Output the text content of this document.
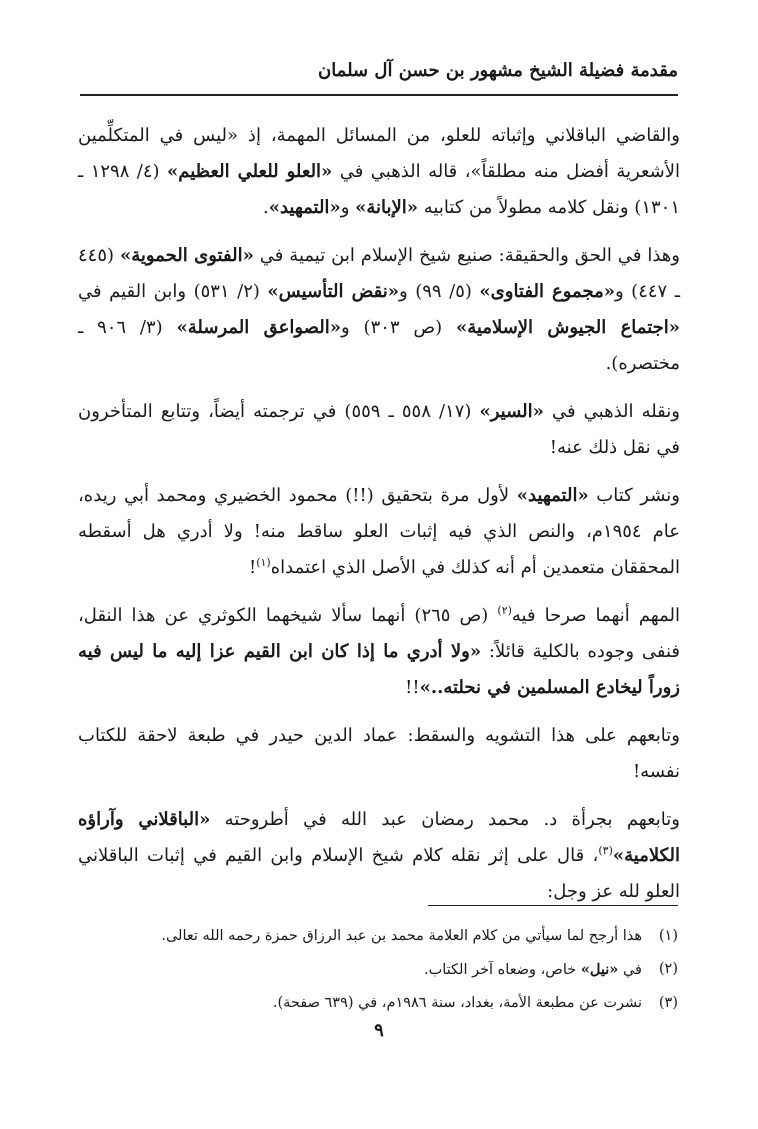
مقدمة فضيلة الشيخ مشهور بن حسن آل سلمان

والقاضي الباقلاني وإثباته للعلو، من المسائل المهمة، إذ «ليس في المتكلِّمين الأشعرية أفضل منه مطلقاً»، قاله الذهبي في «العلو للعلي العظيم» (٤/ ١٢٩٨ ـ ١٣٠١) ونقل كلامه مطولاً من كتابيه «الإبانة» و«التمهيد».

وهذا في الحق والحقيقة: صنيع شيخ الإسلام ابن تيمية في «الفتوى الحموية» (٤٤٥ ـ ٤٤٧) و«مجموع الفتاوى» (٥/ ٩٩) و«نقض التأسيس» (٢/ ٥٣١) وابن القيم في «اجتماع الجيوش الإسلامية» (ص ٣٠٣) و«الصواعق المرسلة» (٣/ ٩٠٦ ـ مختصره).

ونقله الذهبي في «السير» (١٧/ ٥٥٨ ـ ٥٥٩) في ترجمته أيضاً، وتتابع المتأخرون في نقل ذلك عنه!

ونشر كتاب «التمهيد» لأول مرة بتحقيق (!!) محمود الخضيري ومحمد أبي ريده، عام ١٩٥٤م، والنص الذي فيه إثبات العلو ساقط منه! ولا أدري هل أسقطه المحققان متعمدين أم أنه كذلك في الأصل الذي اعتمداه$^{(١)}$!

المهم أنهما صرحا فيه$^{(٢)}$ (ص ٢٦٥) أنهما سألا شيخهما الكوثري عن هذا النقل، فنفى وجوده بالكلية قائلاً: «ولا أدري ما إذا كان ابن القيم عزا إليه ما ليس فيه زوراً ليخادع المسلمين في نحلته..»!!

وتابعهم على هذا التشويه والسقط: عماد الدين حيدر في طبعة لاحقة للكتاب نفسه!

وتابعهم بجرأة د. محمد رمضان عبد الله في أطروحته «الباقلاني وآراؤه الكلامية»$^{(٣)}$، قال على إثر نقله كلام شيخ الإسلام وابن القيم في إثبات الباقلاني العلو لله عز وجل:

(١)
هذا أرجح لما سيأتي من كلام العلامة محمد بن عبد الرزاق حمزة رحمه الله تعالى.
(٢)
في «نيل» خاص، وضعاه آخر الكتاب.
(٣)
نشرت عن مطبعة الأمة، بغداد، سنة ١٩٨٦م، في (٦٣٩ صفحة).
٩
